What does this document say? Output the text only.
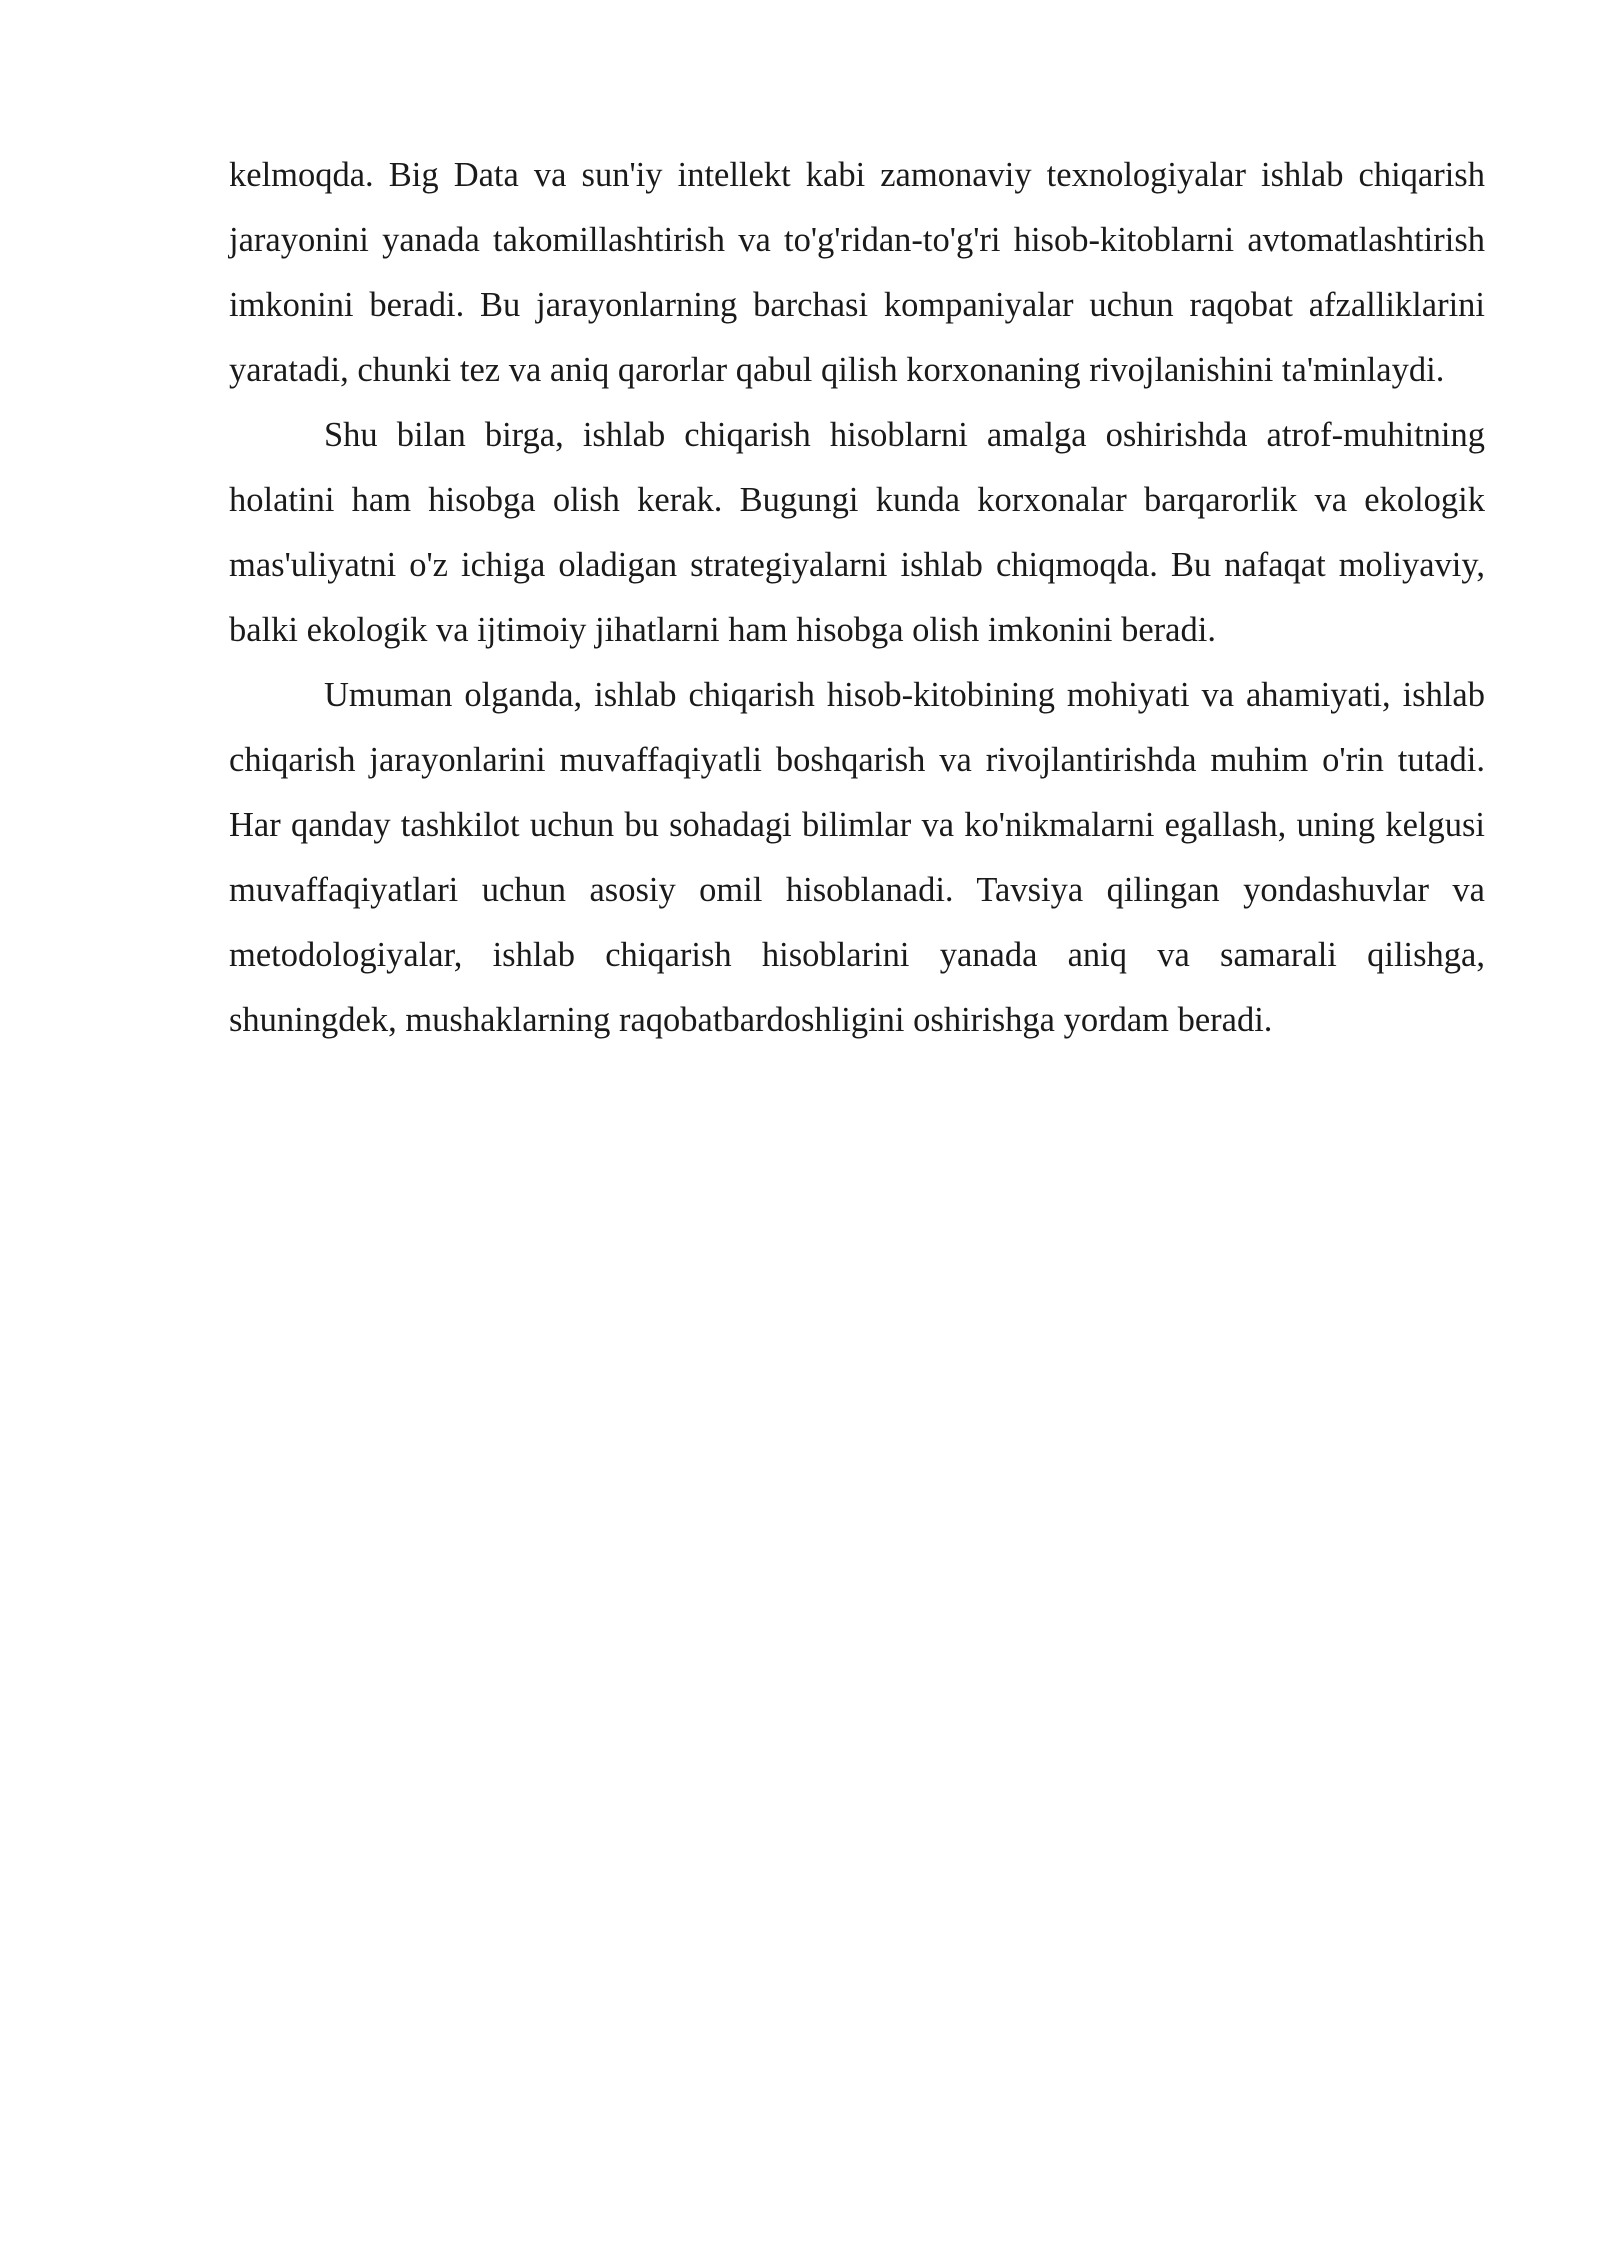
kelmoqda. Big Data va sun'iy intellekt kabi zamonaviy texnologiyalar ishlab chiqarish jarayonini yanada takomillashtirish va to'g'ridan-to'g'ri hisob-kitoblarni avtomatlashtirish imkonini beradi. Bu jarayonlarning barchasi kompaniyalar uchun raqobat afzalliklarini yaratadi, chunki tez va aniq qarorlar qabul qilish korxonaning rivojlanishini ta'minlaydi.

Shu bilan birga, ishlab chiqarish hisoblarni amalga oshirishda atrof-muhitning holatini ham hisobga olish kerak. Bugungi kunda korxonalar barqarorlik va ekologik mas'uliyatni o'z ichiga oladigan strategiyalarni ishlab chiqmoqda. Bu nafaqat moliyaviy, balki ekologik va ijtimoiy jihatlarni ham hisobga olish imkonini beradi.

Umuman olganda, ishlab chiqarish hisob-kitobining mohiyati va ahamiyati, ishlab chiqarish jarayonlarini muvaffaqiyatli boshqarish va rivojlantirishda muhim o'rin tutadi. Har qanday tashkilot uchun bu sohadagi bilimlar va ko'nikmalarni egallash, uning kelgusi muvaffaqiyatlari uchun asosiy omil hisoblanadi. Tavsiya qilingan yondashuvlar va metodologiyalar, ishlab chiqarish hisoblarini yanada aniq va samarali qilishga, shuningdek, mushaklarning raqobatbardoshligini oshirishga yordam beradi.
